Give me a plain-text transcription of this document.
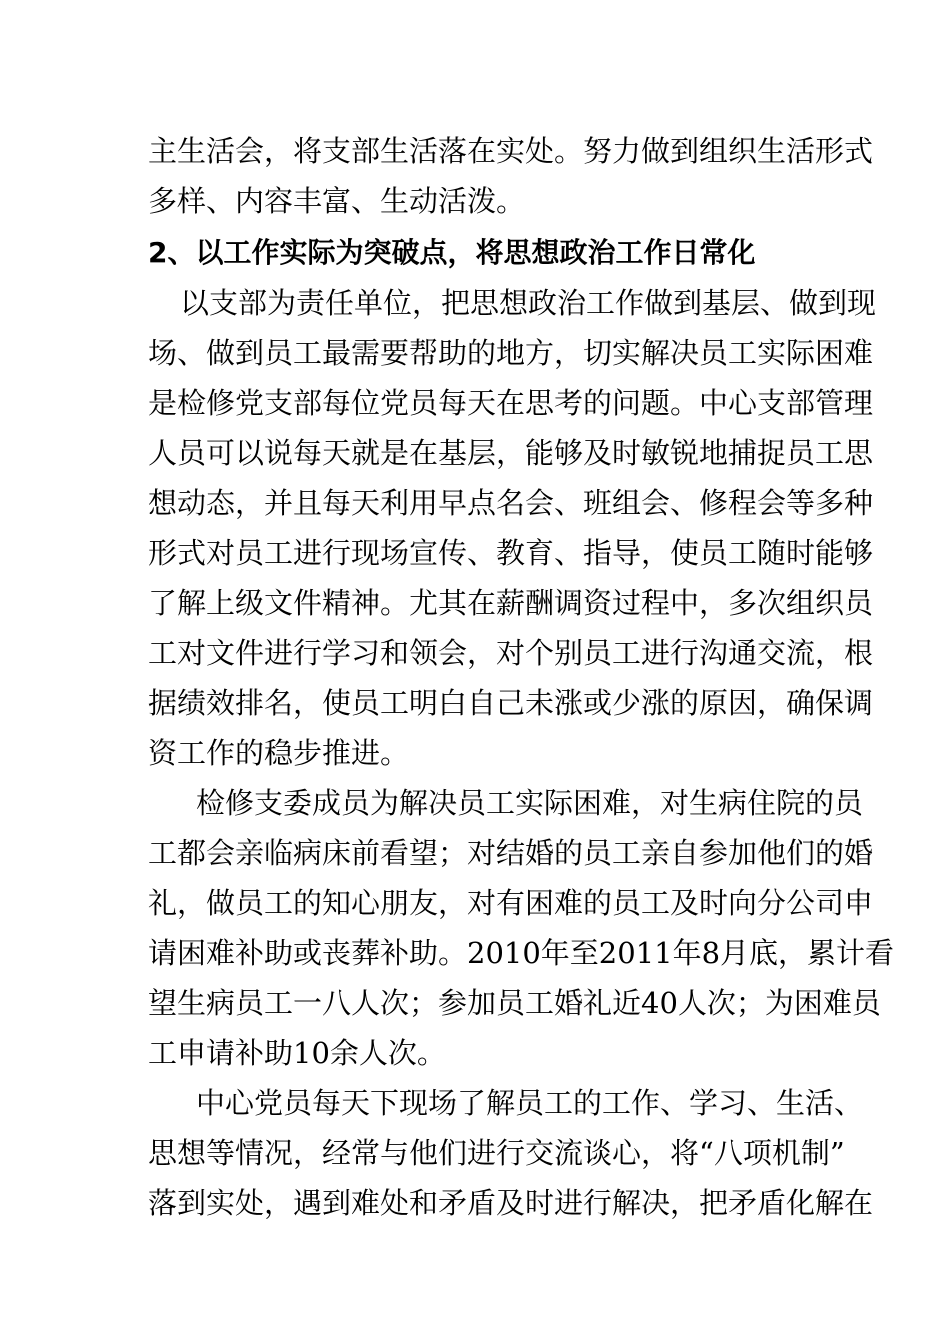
主生活会，将支部生活落在实处。努力做到组织生活形式
多样、内容丰富、生动活泼。
2、以工作实际为突破点，将思想政治工作日常化
以支部为责任单位，把思想政治工作做到基层、做到现
场、做到员工最需要帮助的地方，切实解决员工实际困难
是检修党支部每位党员每天在思考的问题。中心支部管理
人员可以说每天就是在基层，能够及时敏锐地捕捉员工思
想动态，并且每天利用早点名会、班组会、修程会等多种
形式对员工进行现场宣传、教育、指导，使员工随时能够
了解上级文件精神。尤其在薪酬调资过程中，多次组织员
工对文件进行学习和领会，对个别员工进行沟通交流，根
据绩效排名，使员工明白自己未涨或少涨的原因，确保调
资工作的稳步推进。
检修支委成员为解决员工实际困难，对生病住院的员
工都会亲临病床前看望；对结婚的员工亲自参加他们的婚
礼，做员工的知心朋友，对有困难的员工及时向分公司申
请困难补助或丧葬补助。2010年至2011年8月底，累计看
望生病员工一八人次；参加员工婚礼近40人次；为困难员
工申请补助10余人次。
中心党员每天下现场了解员工的工作、学习、生活、
思想等情况，经常与他们进行交流谈心，将“八项机制”
落到实处，遇到难处和矛盾及时进行解决，把矛盾化解在
